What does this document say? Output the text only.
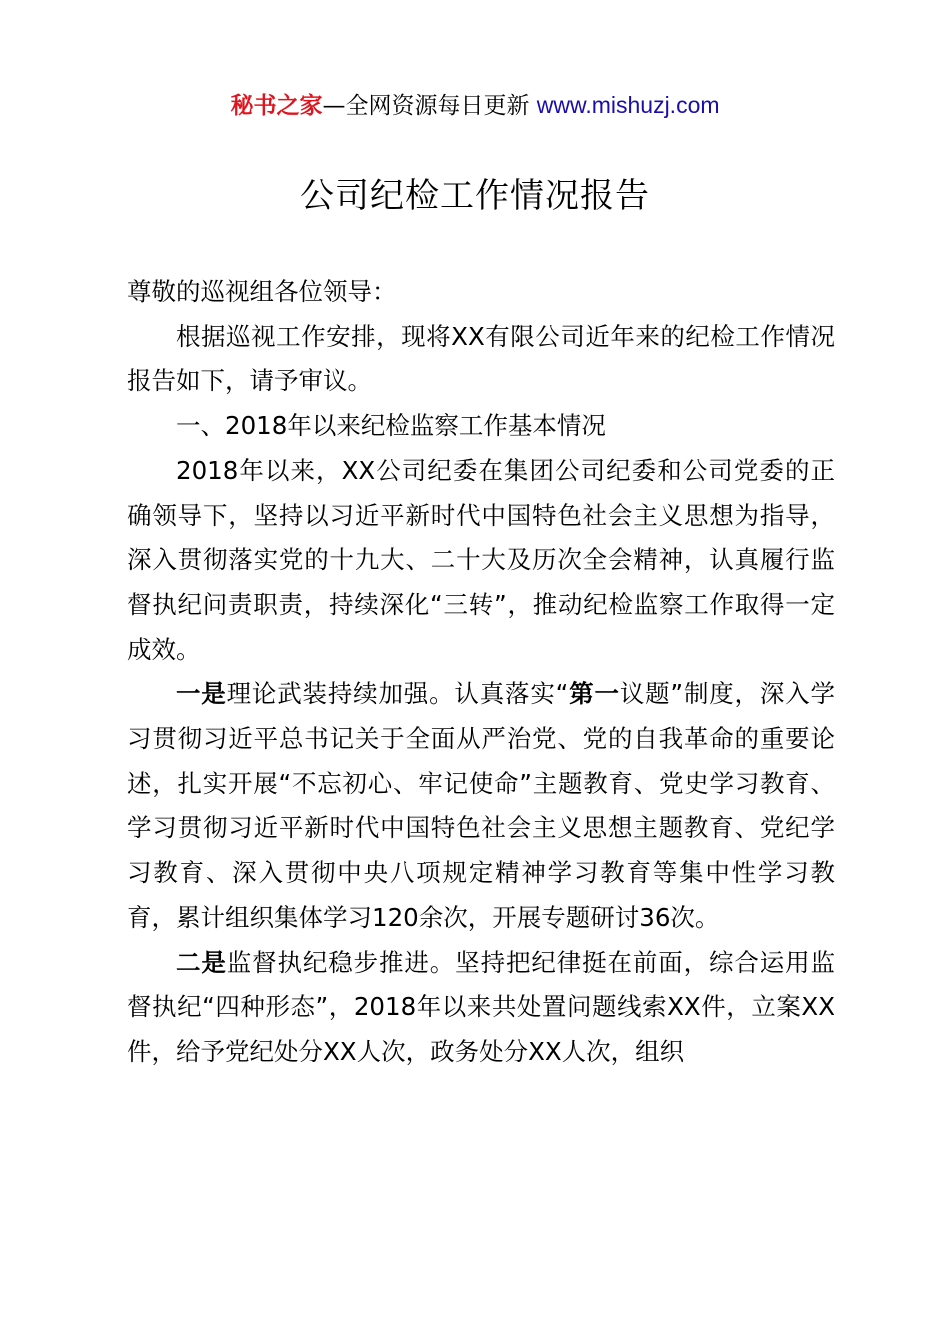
秘书之家—全网资源每日更新 www.mishuzj.com
公司纪检工作情况报告

尊敬的巡视组各位领导：

根据巡视工作安排，现将XX有限公司近年来的纪检工作情况报告如下，请予审议。

一、2018年以来纪检监察工作基本情况

2018年以来，XX公司纪委在集团公司纪委和公司党委的正确领导下，坚持以习近平新时代中国特色社会主义思想为指导，深入贯彻落实党的十九大、二十大及历次全会精神，认真履行监督执纪问责职责，持续深化“三转”，推动纪检监察工作取得一定成效。

一是理论武装持续加强。认真落实“第一议题”制度，深入学习贯彻习近平总书记关于全面从严治党、党的自我革命的重要论述，扎实开展“不忘初心、牢记使命”主题教育、党史学习教育、学习贯彻习近平新时代中国特色社会主义思想主题教育、党纪学习教育、深入贯彻中央八项规定精神学习教育等集中性学习教育，累计组织集体学习120余次，开展专题研讨36次。

二是监督执纪稳步推进。坚持把纪律挺在前面，综合运用监督执纪“四种形态”，2018年以来共处置问题线索XX件，立案XX件，给予党纪处分XX人次，政务处分XX人次，组织
